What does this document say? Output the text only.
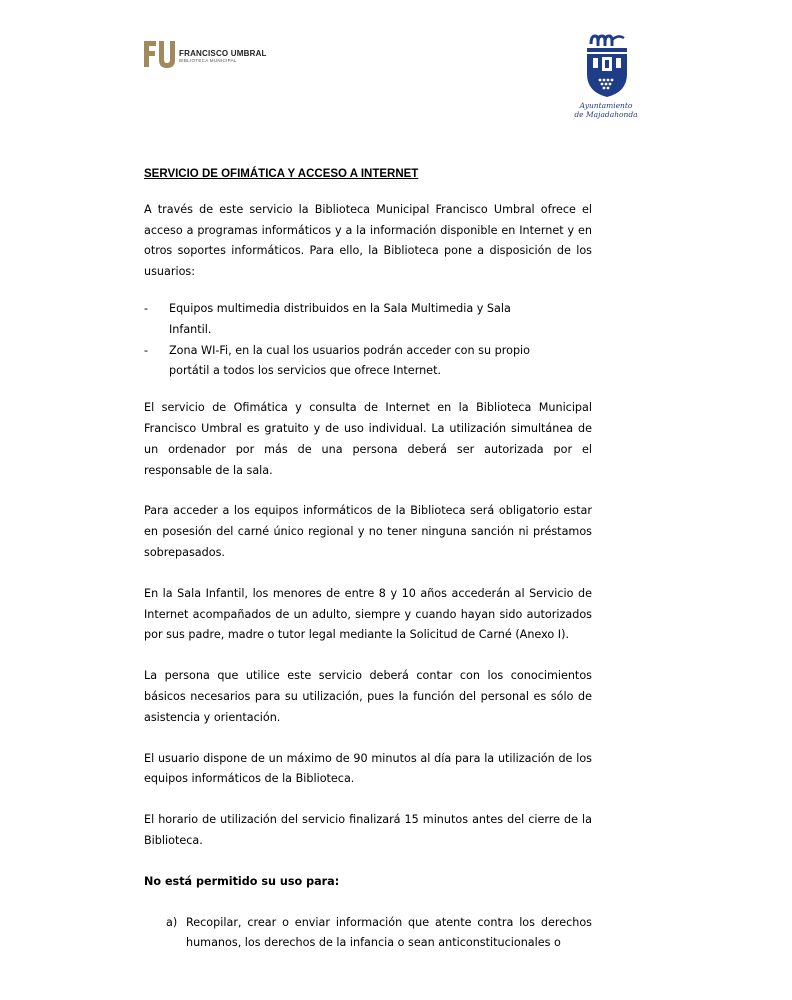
FRANCISCO UMBRAL
BIBLIOTECA MUNICIPAL
Ayuntamiento
de Majadahonda

SERVICIO DE OFIMÁTICA Y ACCESO A INTERNET

A través de este servicio la Biblioteca Municipal Francisco Umbral ofrece el acceso a programas informáticos y a la información disponible en Internet y en otros soportes informáticos. Para ello, la Biblioteca pone a disposición de los usuarios:

- Equipos multimedia distribuidos en la Sala Multimedia y Sala Infantil.

- Zona WI-Fi, en la cual los usuarios podrán acceder con su propio portátil a todos los servicios que ofrece Internet.

El servicio de Ofimática y consulta de Internet en la Biblioteca Municipal Francisco Umbral es gratuito y de uso individual. La utilización simultánea de un ordenador por más de una persona deberá ser autorizada por el responsable de la sala.

Para acceder a los equipos informáticos de la Biblioteca será obligatorio estar en posesión del carné único regional y no tener ninguna sanción ni préstamos sobrepasados.

En la Sala Infantil, los menores de entre 8 y 10 años accederán al Servicio de Internet acompañados de un adulto, siempre y cuando hayan sido autorizados por sus padre, madre o tutor legal mediante la Solicitud de Carné (Anexo I).

La persona que utilice este servicio deberá contar con los conocimientos básicos necesarios para su utilización, pues la función del personal es sólo de asistencia y orientación.

El usuario dispone de un máximo de 90 minutos al día para la utilización de los equipos informáticos de la Biblioteca.

El horario de utilización del servicio finalizará 15 minutos antes del cierre de la Biblioteca.

No está permitido su uso para:

a) Recopilar, crear o enviar información que atente contra los derechos humanos, los derechos de la infancia o sean anticonstitucionales o
